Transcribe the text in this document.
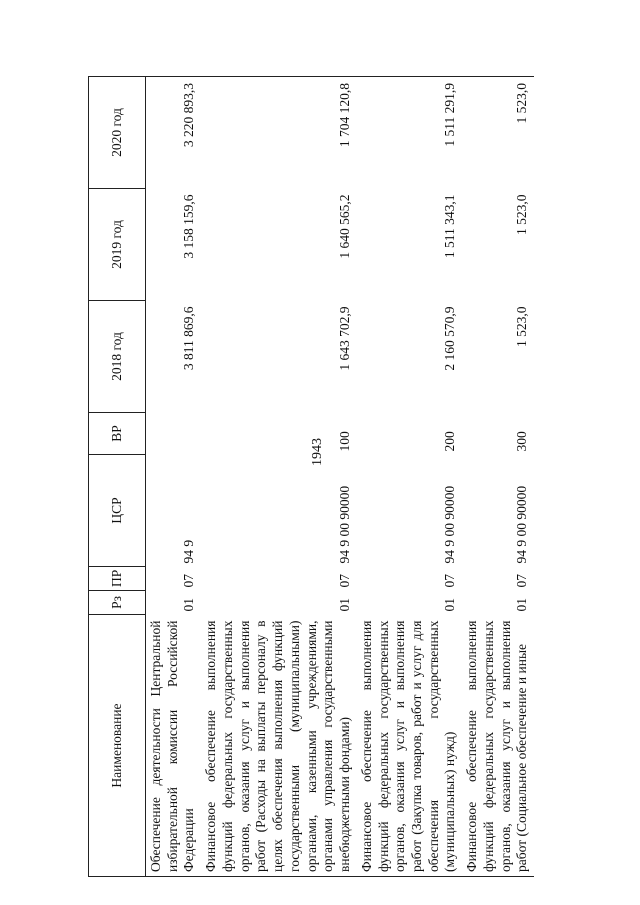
1943
Наименование	Рз	ПР	ЦСР	ВР	2018 год	2019 год	2020 год
Обеспечение деятельности Центральной избирательной комиссии Российской Федерации	01	07	94 9		3 811 869,6	3 158 159,6	3 220 893,3
Финансовое обеспечение выполнения функций федеральных государственных органов, оказания услуг и выполнения работ (Расходы на выплаты персоналу в целях обеспечения выполнения функций государственными (муниципальными) органами, казенными учреждениями, органами управления государственными внебюджетными фондами)	01	07	94 9 00 90000	100	1 643 702,9	1 640 565,2	1 704 120,8
Финансовое обеспечение выполнения функций федеральных государственных органов, оказания услуг и выполнения работ (Закупка товаров, работ и услуг для обеспечения государственных (муниципальных) нужд)	01	07	94 9 00 90000	200	2 160 570,9	1 511 343,1	1 511 291,9
Финансовое обеспечение выполнения функций федеральных государственных органов, оказания услуг и выполнения работ (Социальное обеспечение и иные	01	07	94 9 00 90000	300	1 523,0	1 523,0	1 523,0
